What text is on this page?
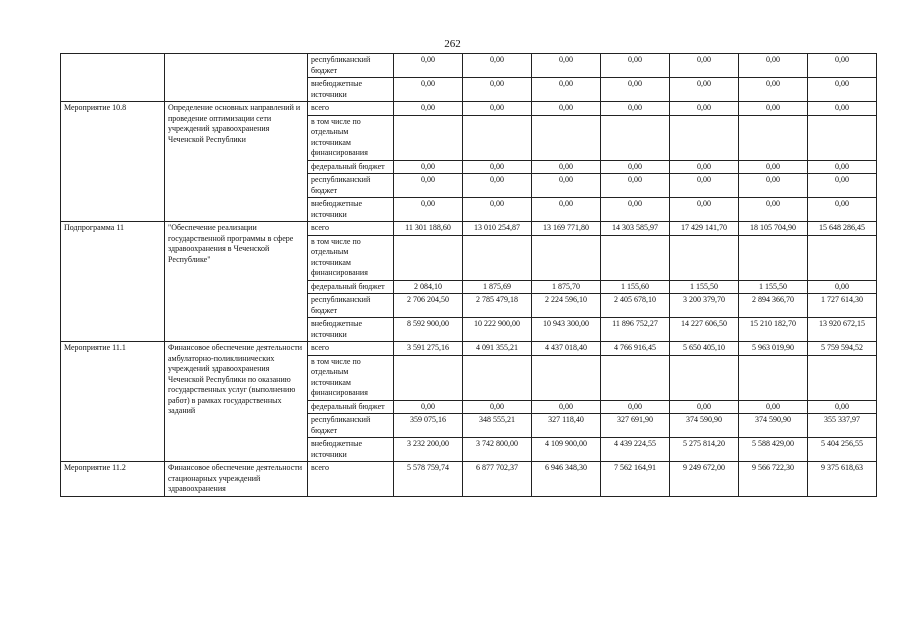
262
		республиканский бюджет	0,00	0,00	0,00	0,00	0,00	0,00	0,00
		внебюджетные источники	0,00	0,00	0,00	0,00	0,00	0,00	0,00
Мероприятие 10.8	Определение основных направлений и проведение оптимизации сети учреждений здравоохранения Чеченской Республики	всего	0,00	0,00	0,00	0,00	0,00	0,00	0,00
		в том числе по отдельным источникам финансирования							
		федеральный бюджет	0,00	0,00	0,00	0,00	0,00	0,00	0,00
		республиканский бюджет	0,00	0,00	0,00	0,00	0,00	0,00	0,00
		внебюджетные источники	0,00	0,00	0,00	0,00	0,00	0,00	0,00
Подпрограмма 11	"Обеспечение реализации государственной программы в сфере здравоохранения в Чеченской Республике"	всего	11 301 188,60	13 010 254,87	13 169 771,80	14 303 585,97	17 429 141,70	18 105 704,90	15 648 286,45
		в том числе по отдельным источникам финансирования							
		федеральный бюджет	2 084,10	1 875,69	1 875,70	1 155,60	1 155,50	1 155,50	0,00
		республиканский бюджет	2 706 204,50	2 785 479,18	2 224 596,10	2 405 678,10	3 200 379,70	2 894 366,70	1 727 614,30
		внебюджетные источники	8 592 900,00	10 222 900,00	10 943 300,00	11 896 752,27	14 227 606,50	15 210 182,70	13 920 672,15
Мероприятие 11.1	Финансовое обеспечение деятельности амбулаторно-поликлинических учреждений здравоохранения Чеченской Республики по оказанию государственных услуг (выполнению работ) в рамках государственных заданий	всего	3 591 275,16	4 091 355,21	4 437 018,40	4 766 916,45	5 650 405,10	5 963 019,90	5 759 594,52
		в том числе по отдельным источникам финансирования							
		федеральный бюджет	0,00	0,00	0,00	0,00	0,00	0,00	0,00
		республиканский бюджет	359 075,16	348 555,21	327 118,40	327 691,90	374 590,90	374 590,90	355 337,97
		внебюджетные источники	3 232 200,00	3 742 800,00	4 109 900,00	4 439 224,55	5 275 814,20	5 588 429,00	5 404 256,55
Мероприятие 11.2	Финансовое обеспечение деятельности стационарных учреждений здравоохранения	всего	5 578 759,74	6 877 702,37	6 946 348,30	7 562 164,91	9 249 672,00	9 566 722,30	9 375 618,63
